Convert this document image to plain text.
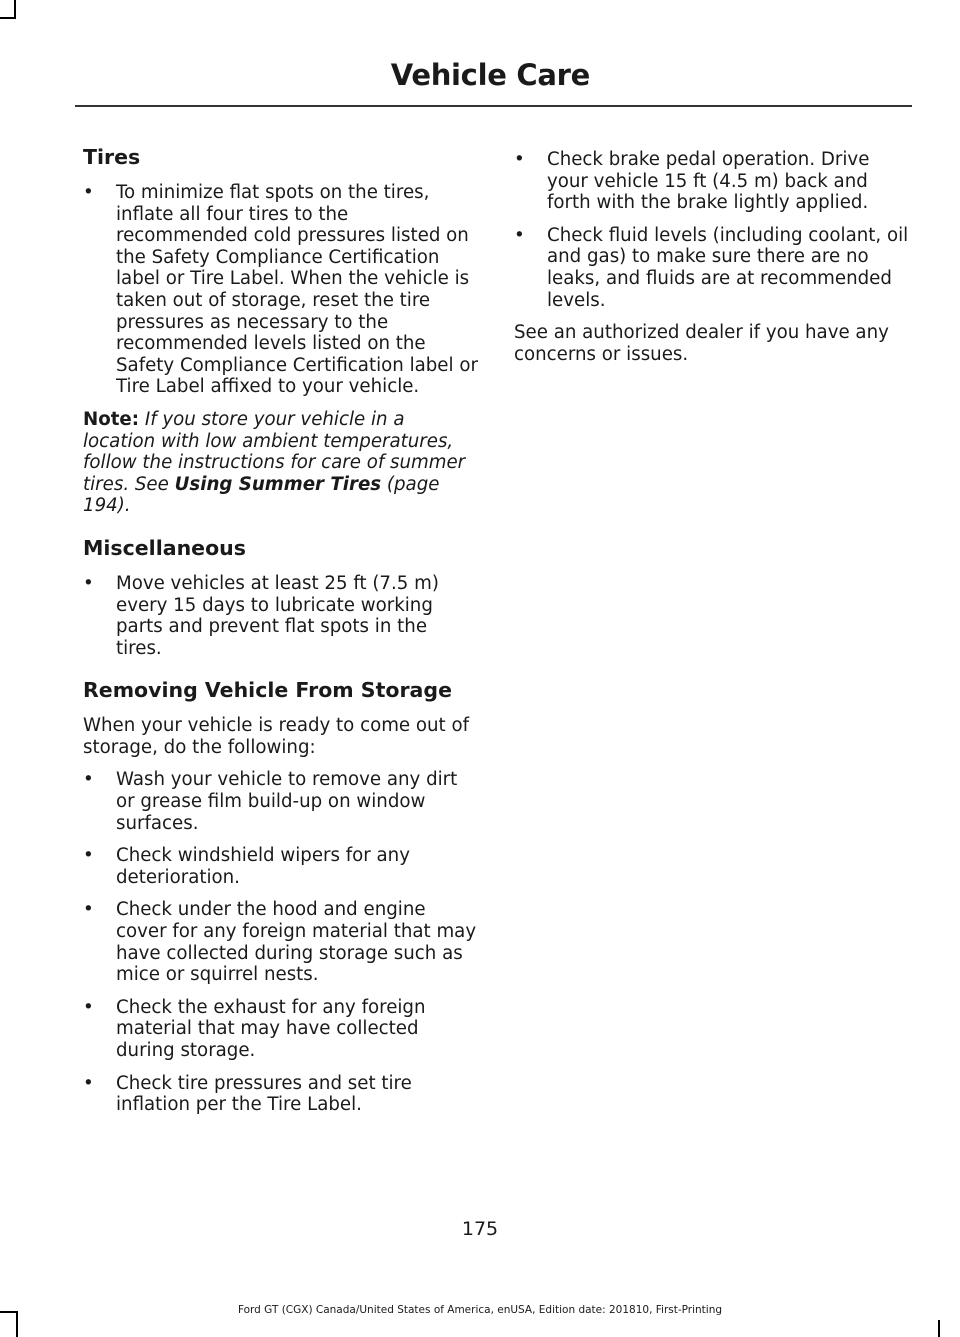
Vehicle Care
Tires
• To minimize flat spots on the tires, inflate all four tires to the recommended cold pressures listed on the Safety Compliance Certification label or Tire Label. When the vehicle is taken out of storage, reset the tire pressures as necessary to the recommended levels listed on the Safety Compliance Certification label or Tire Label affixed to your vehicle.

Note: If you store your vehicle in a location with low ambient temperatures, follow the instructions for care of summer tires. See Using Summer Tires (page 194).

Miscellaneous
• Move vehicles at least 25 ft (7.5 m) every 15 days to lubricate working parts and prevent flat spots in the tires.
Removing Vehicle From Storage

When your vehicle is ready to come out of storage, do the following:

• Wash your vehicle to remove any dirt or grease film build-up on window surfaces.
• Check windshield wipers for any deterioration.
• Check under the hood and engine cover for any foreign material that may have collected during storage such as mice or squirrel nests.
• Check the exhaust for any foreign material that may have collected during storage.
• Check tire pressures and set tire inflation per the Tire Label.
• Check brake pedal operation. Drive your vehicle 15 ft (4.5 m) back and forth with the brake lightly applied.
• Check fluid levels (including coolant, oil and gas) to make sure there are no leaks, and fluids are at recommended levels.

See an authorized dealer if you have any concerns or issues.

175
Ford GT (CGX) Canada/United States of America, enUSA, Edition date: 201810, First-Printing
